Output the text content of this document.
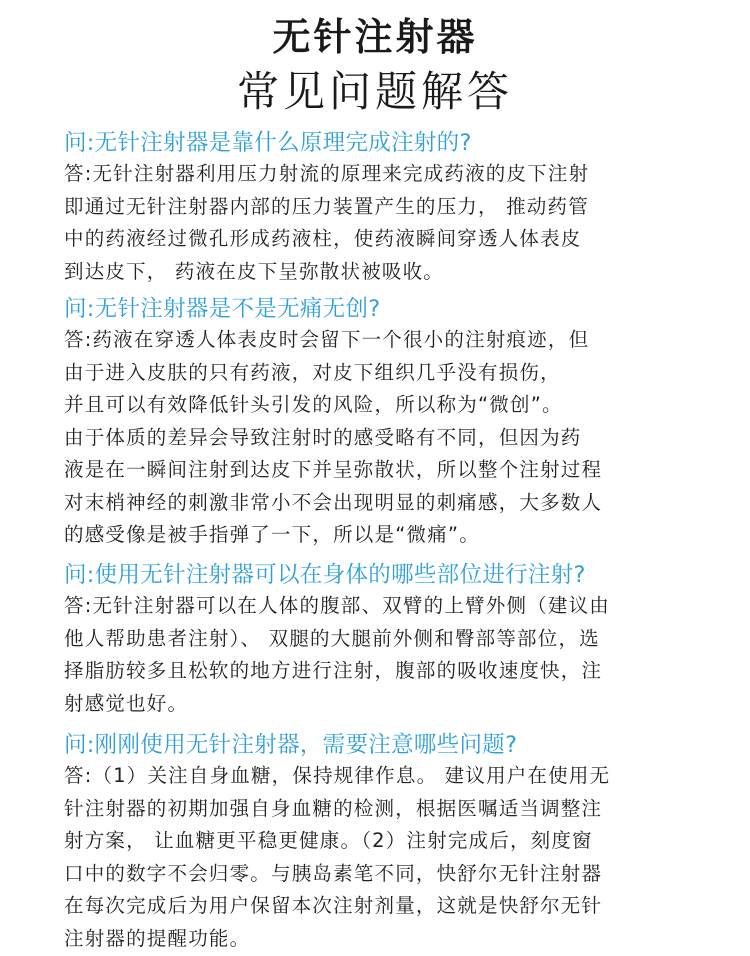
无针注射器
常见问题解答
问:无针注射器是靠什么原理完成注射的?
答:无针注射器利用压力射流的原理来完成药液的皮下注射
即通过无针注射器内部的压力装置产生的压力， 推动药管
中的药液经过微孔形成药液柱，使药液瞬间穿透人体表皮
到达皮下， 药液在皮下呈弥散状被吸收。
问:无针注射器是不是无痛无创?
答:药液在穿透人体表皮时会留下一个很小的注射痕迹，但
由于进入皮肤的只有药液，对皮下组织几乎没有损伤，
并且可以有效降低针头引发的风险，所以称为“微创”。
由于体质的差异会导致注射时的感受略有不同，但因为药
液是在一瞬间注射到达皮下并呈弥散状，所以整个注射过程
对末梢神经的刺激非常小不会出现明显的刺痛感，大多数人
的感受像是被手指弹了一下，所以是“微痛”。
问:使用无针注射器可以在身体的哪些部位进行注射?
答:无针注射器可以在人体的腹部、双臂的上臂外侧（建议由
他人帮助患者注射）、 双腿的大腿前外侧和臀部等部位，选
择脂肪较多且松软的地方进行注射，腹部的吸收速度快，注
射感觉也好。
问:刚刚使用无针注射器，需要注意哪些问题?
答:（1）关注自身血糖，保持规律作息。 建议用户在使用无
针注射器的初期加强自身血糖的检测，根据医嘱适当调整注
射方案， 让血糖更平稳更健康。（2）注射完成后，刻度窗
口中的数字不会归零。与胰岛素笔不同，快舒尔无针注射器
在每次完成后为用户保留本次注射剂量，这就是快舒尔无针
注射器的提醒功能。
